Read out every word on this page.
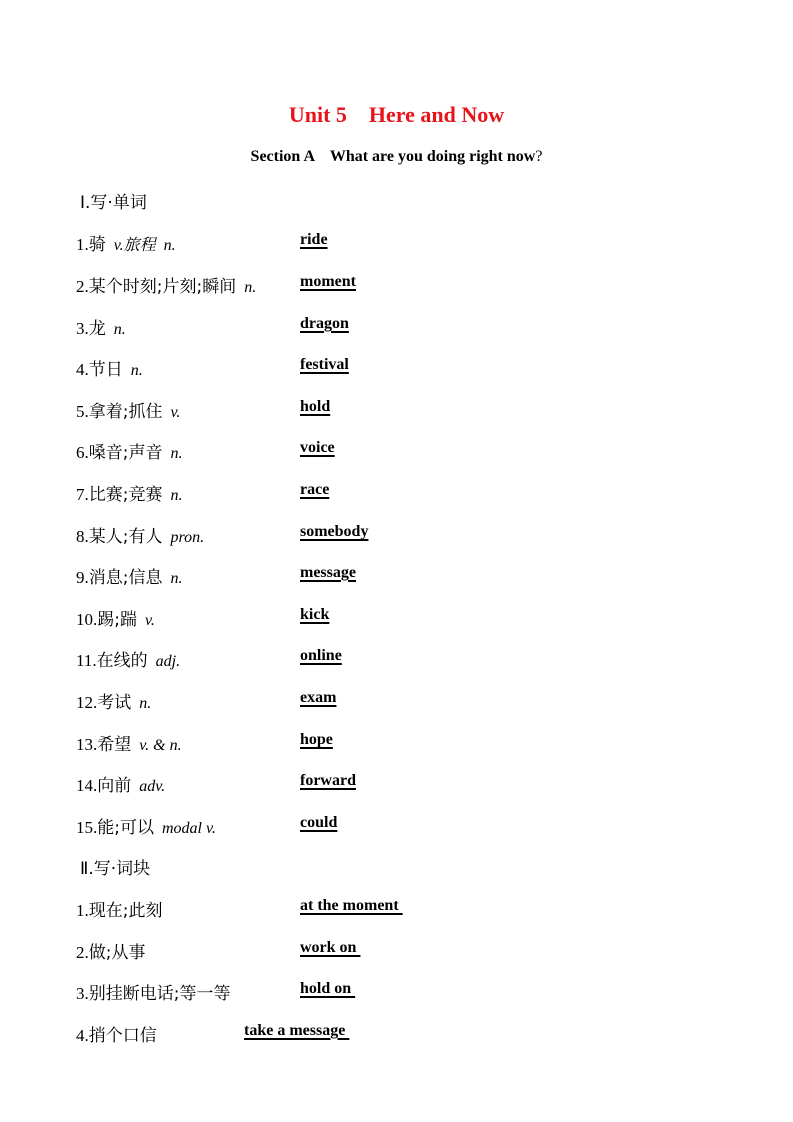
Unit 5    Here and Now
Section A    What are you doing right now?
Ⅰ.写·单词
1.骑 v.旅程 n.	ride
2.某个时刻;片刻;瞬间 n.	moment
3.龙 n.	dragon
4.节日 n.	festival
5.拿着;抓住 v.	hold
6.嗓音;声音 n.	voice
7.比赛;竞赛 n.	race
8.某人;有人 pron.	somebody
9.消息;信息 n.	message
10.踢;踹 v.	kick
11.在线的 adj.	online
12.考试 n.	exam
13.希望 v. & n.	hope
14.向前 adv.	forward
15.能;可以 modal v.	could
Ⅱ.写·词块
1.现在;此刻	at the moment
2.做;从事	work on
3.别挂断电话;等一等	hold on
4.捎个口信	take a message
